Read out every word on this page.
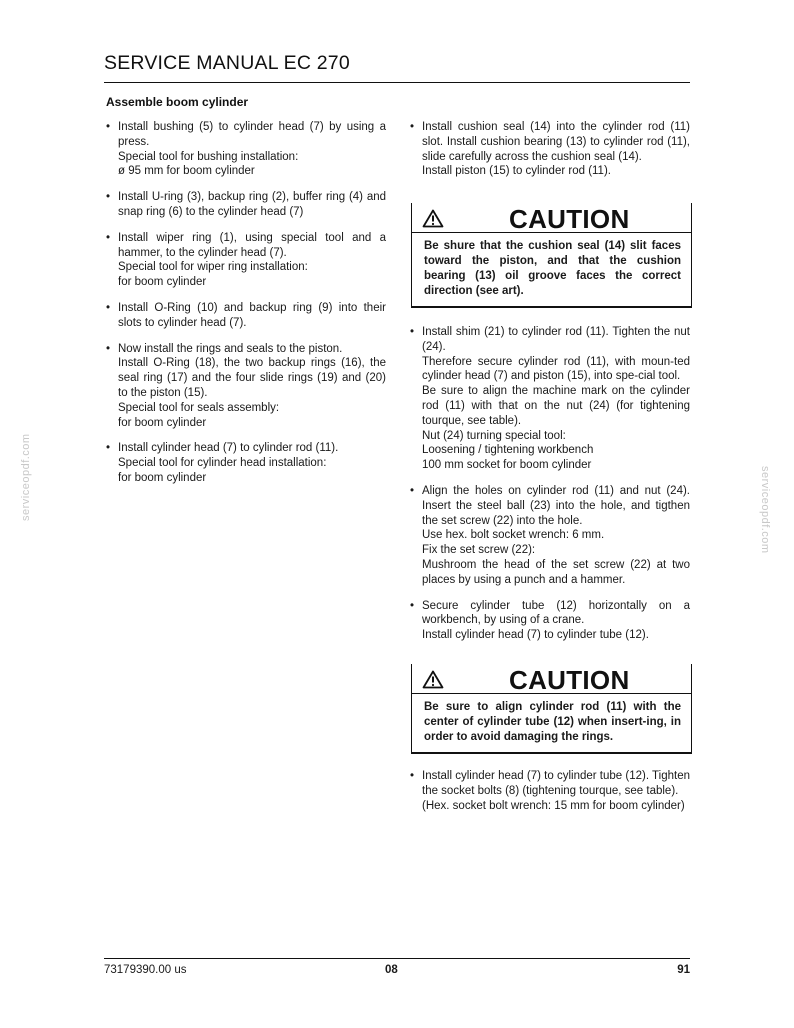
SERVICE MANUAL EC 270
Assemble boom cylinder
• Install bushing (5) to cylinder head (7) by using a press.
Special tool for bushing installation:
ø 95 mm for boom cylinder
• Install U-ring (3), backup ring (2), buffer ring (4) and snap ring (6) to the cylinder head (7)
• Install wiper ring (1), using special tool and a hammer, to the cylinder head (7).
Special tool for wiper ring installation:
for boom cylinder
• Install O-Ring (10) and backup ring (9) into their slots to cylinder head (7).
• Now install the rings and seals to the piston.
Install O-Ring (18), the two backup rings (16), the seal ring (17) and the four slide rings (19) and (20) to the piston (15).
Special tool for seals assembly:
for boom cylinder
• Install cylinder head (7) to cylinder rod (11).
Special tool for cylinder head installation:
for boom cylinder
• Install cushion seal (14) into the cylinder rod (11) slot. Install cushion bearing (13) to cylinder rod (11), slide carefully across the cushion seal (14).
Install piston (15) to cylinder rod (11).
CAUTION
Be shure that the cushion seal (14) slit faces toward the piston, and that the cushion bearing (13) oil groove faces the correct direction (see art).
• Install shim (21) to cylinder rod (11). Tighten the nut (24).
Therefore secure cylinder rod (11), with moun-ted cylinder head (7) and piston (15), into spe-cial tool.
Be sure to align the machine mark on the cylinder rod (11) with that on the nut (24) (for tightening tourque, see table).
Nut (24) turning special tool:
Loosening / tightening workbench
100 mm socket for boom cylinder
• Align the holes on cylinder rod (11) and nut (24). Insert the steel ball (23) into the hole, and tigthen the set screw (22) into the hole.
Use hex. bolt socket wrench: 6 mm.
Fix the set screw (22):
Mushroom the head of the set screw (22) at two places by using a punch and a hammer.
• Secure cylinder tube (12) horizontally on a workbench, by using of a crane.
Install cylinder head (7) to cylinder tube (12).
CAUTION
Be sure to align cylinder rod (11) with the center of cylinder tube (12) when insert-ing, in order to avoid damaging the rings.
• Install cylinder head (7) to cylinder tube (12). Tighten the socket bolts (8) (tightening tourque, see table).
(Hex. socket bolt wrench: 15 mm for boom cylinder)
serviceopdf.com	serviceopdf.com
73179390.00 us	08	91
